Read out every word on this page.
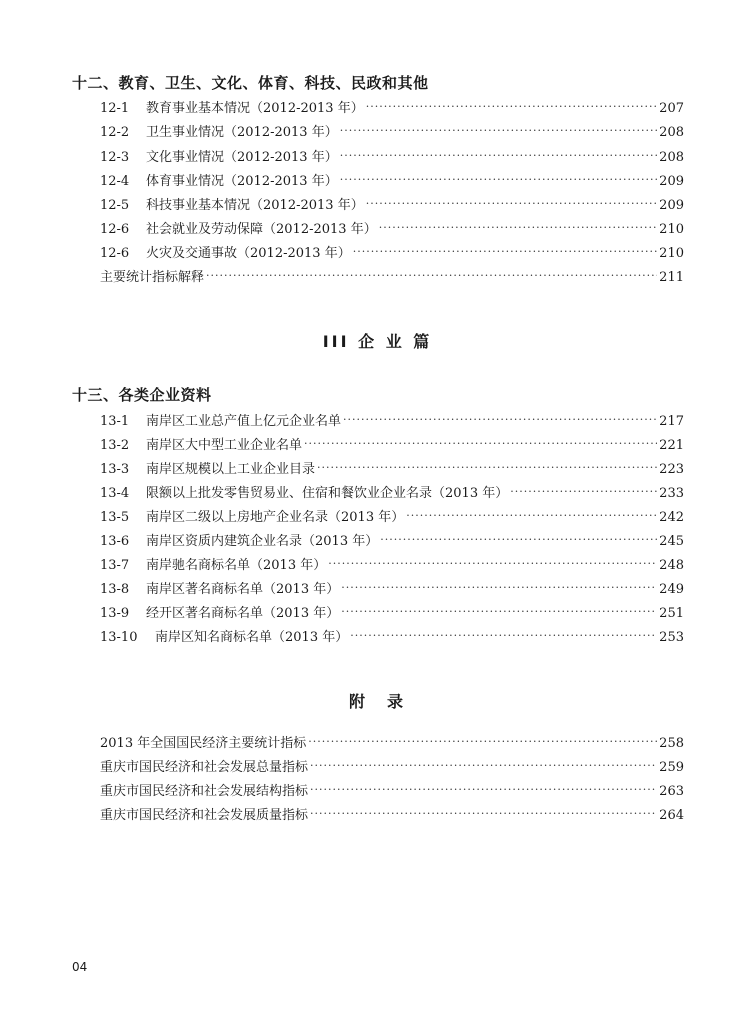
十二、教育、卫生、文化、体育、科技、民政和其他
12-1	教育事业基本情况（2012-2013 年） ·····	207
12-2	卫生事业情况（2012-2013 年） ·····	208
12-3	文化事业情况（2012-2013 年） ·····	208
12-4	体育事业情况（2012-2013 年） ·····	209
12-5	科技事业基本情况（2012-2013 年） ·····	209
12-6	社会就业及劳动保障（2012-2013 年） ·····	210
12-6	火灾及交通事故（2012-2013 年） ·····	210
主要统计指标解释 ·····	211
III 企 业 篇
十三、各类企业资料
13-1	南岸区工业总产值上亿元企业名单 ·····	217
13-2	南岸区大中型工业企业名单 ·····	221
13-3	南岸区规模以上工业企业目录 ·····	223
13-4	限额以上批发零售贸易业、住宿和餐饮业企业名录（2013 年） ·····	233
13-5	南岸区二级以上房地产企业名录（2013 年） ·····	242
13-6	南岸区资质内建筑企业名录（2013 年） ·····	245
13-7	南岸驰名商标名单（2013 年） ·····	248
13-8	南岸区著名商标名单（2013 年） ·····	249
13-9	经开区著名商标名单（2013 年） ·····	251
13-10	南岸区知名商标名单（2013 年） ·····	253
附　录
2013 年全国国民经济主要统计指标 ·····	258
重庆市国民经济和社会发展总量指标 ·····	259
重庆市国民经济和社会发展结构指标 ·····	263
重庆市国民经济和社会发展质量指标 ·····	264
04
